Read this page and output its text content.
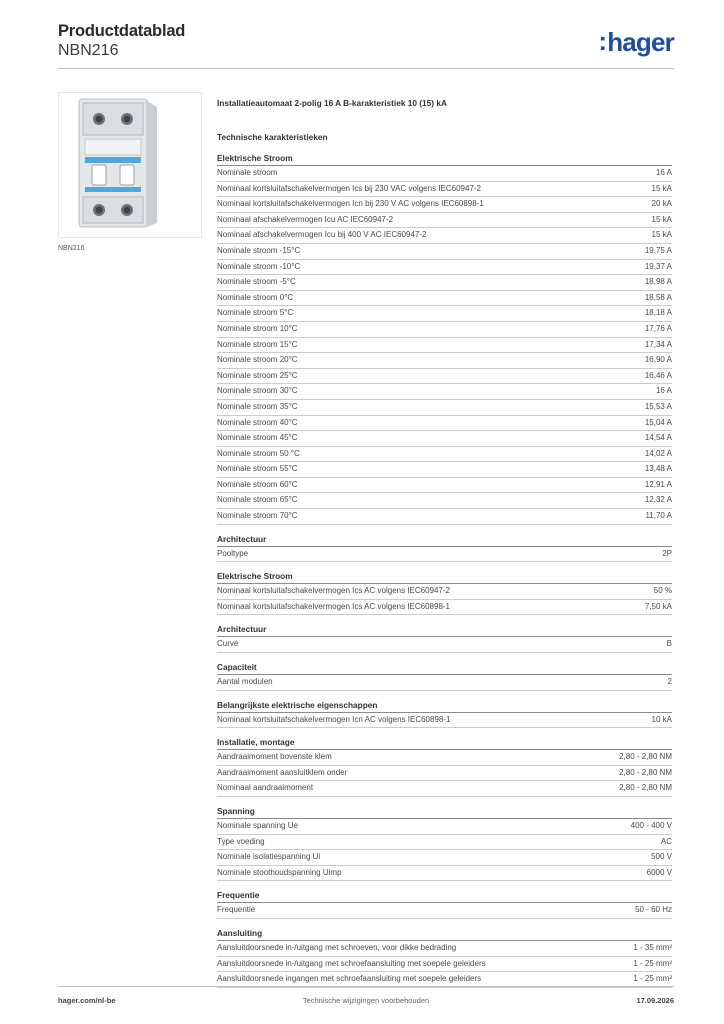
Productdatablad
NBN216	:hager
NBN216
Installatieautomaat 2-polig 16 A B-karakteristiek 10 (15) kA
Technische karakteristieken
Elektrische Stroom
Nominale stroom	16 A
Nominaal kortsluitafschakelvermogen Ics bij 230 VAC volgens IEC60947-2	15 kA
Nominaal kortsluitafschakelvermogen Icn bij 230 V AC volgens IEC60898-1	20 kA
Nominaal afschakelvermogen Icu AC IEC60947-2	15 kA
Nominaal afschakelvermogen Icu bij 400 V AC IEC60947-2	15 kA
Nominale stroom -15°C	19,75 A
Nominale stroom -10°C	19,37 A
Nominale stroom -5°C	18,98 A
Nominale stroom 0°C	18,58 A
Nominale stroom 5°C	18,18 A
Nominale stroom 10°C	17,76 A
Nominale stroom 15°C	17,34 A
Nominale stroom 20°C	16,90 A
Nominale stroom 25°C	16,46 A
Nominale stroom 30°C	16 A
Nominale stroom 35°C	15,53 A
Nominale stroom 40°C	15,04 A
Nominale stroom 45°C	14,54 A
Nominale stroom 50 °C	14,02 A
Nominale stroom 55°C	13,48 A
Nominale stroom 60°C	12,91 A
Nominale stroom 65°C	12,32 A
Nominale stroom 70°C	11,70 A
Architectuur
Pooltype	2P
Elektrische Stroom
Nominaal kortsluitafschakelvermogen Ics AC volgens IEC60947-2	50 %
Nominaal kortsluitafschakelvermogen Ics AC volgens IEC60898-1	7,50 kA
Architectuur
Curve	B
Capaciteit
Aantal modulen	2
Belangrijkste elektrische eigenschappen
Nominaal kortsluitafschakelvermogen Icn AC volgens IEC60898-1	10 kA
Installatie, montage
Aandraaimoment bovenste klem	2,80 - 2,80 NM
Aandraaimoment aansluitklem onder	2,80 - 2,80 NM
Nominaal aandraaimoment	2,80 - 2,80 NM
Spanning
Nominale spanning Ue	400 - 400 V
Type voeding	AC
Nominale isolatiespanning Ui	500 V
Nominale stoothoudspanning Uimp	6000 V
Frequentie
Frequentie	50 - 60 Hz
Aansluiting
Aansluitdoorsnede in-/uitgang met schroeven, voor dikke bedrading	1 - 35 mm²
Aansluitdoorsnede in-/uitgang met schroefaansluiting met soepele geleiders	1 - 25 mm²
Aansluitdoorsnede ingangen met schroefaansluiting met soepele geleiders	1 - 25 mm²
hager.com/nl-be	Technische wijzigingen voorbehouden	17.09.2026
